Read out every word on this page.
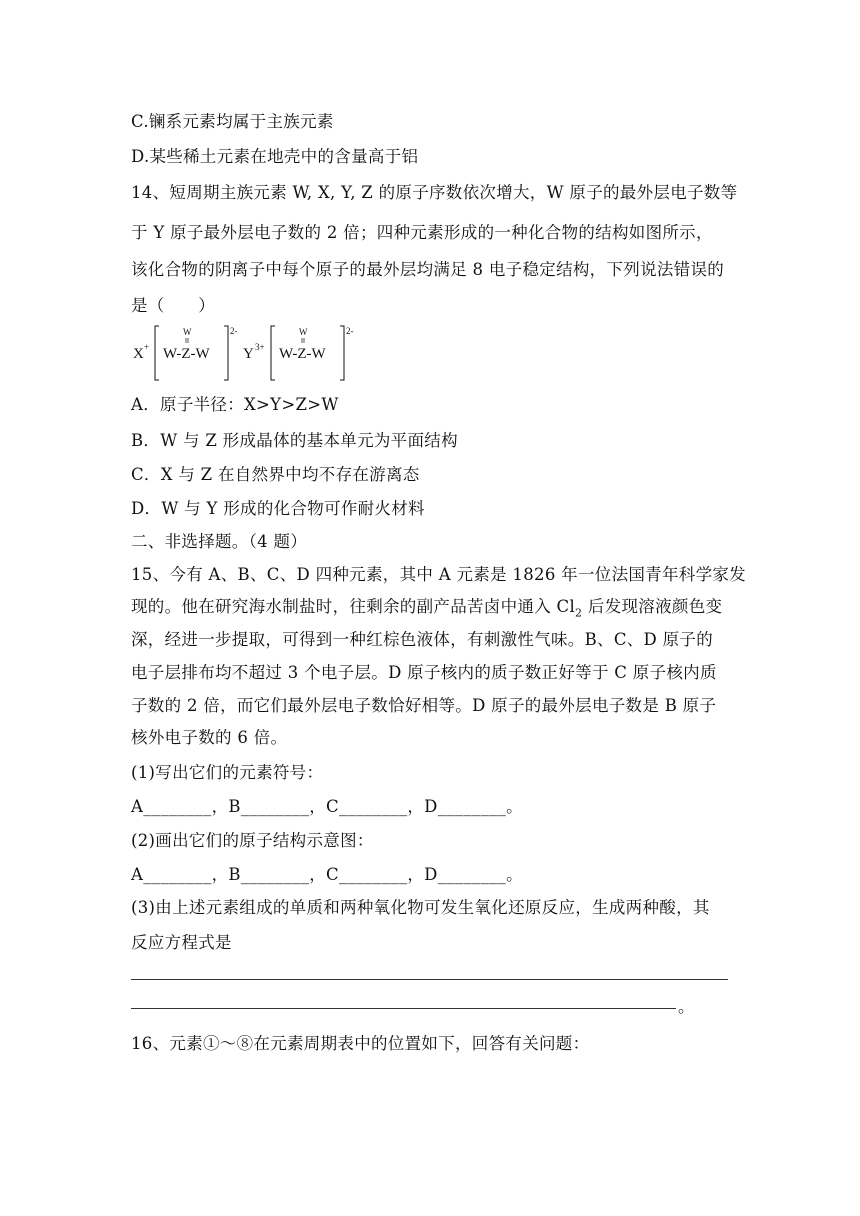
C.镧系元素均属于主族元素
D.某些稀土元素在地壳中的含量高于铝
14、短周期主族元素 W, X, Y, Z 的原子序数依次增大，W 原子的最外层电子数等
于 Y 原子最外层电子数的 2 倍；四种元素形成的一种化合物的结构如图所示，
该化合物的阴离子中每个原子的最外层均满足 8 电子稳定结构，下列说法错误的
是（　　）
X +
W
W-Z-W
2-
Y 3+
W
W-Z-W
2-
A．原子半径：X>Y>Z>W
B．W 与 Z 形成晶体的基本单元为平面结构
C．X 与 Z 在自然界中均不存在游离态
D．W 与 Y 形成的化合物可作耐火材料
二、非选择题。（4 题）
15、今有 A、B、C、D 四种元素，其中 A 元素是 1826 年一位法国青年科学家发
现的。他在研究海水制盐时，往剩余的副产品苦卤中通入 $Cl_2$ 后发现溶液颜色变
深，经进一步提取，可得到一种红棕色液体，有刺激性气味。B、C、D 原子的
电子层排布均不超过 3 个电子层。D 原子核内的质子数正好等于 C 原子核内质
子数的 2 倍，而它们最外层电子数恰好相等。D 原子的最外层电子数是 B 原子
核外电子数的 6 倍。
(1)写出它们的元素符号：
A________，B________，C________，D________。
(2)画出它们的原子结构示意图：
A________，B________，C________，D________。
(3)由上述元素组成的单质和两种氧化物可发生氧化还原反应，生成两种酸，其
反应方程式是
。
16、元素①～⑧在元素周期表中的位置如下，回答有关问题：
